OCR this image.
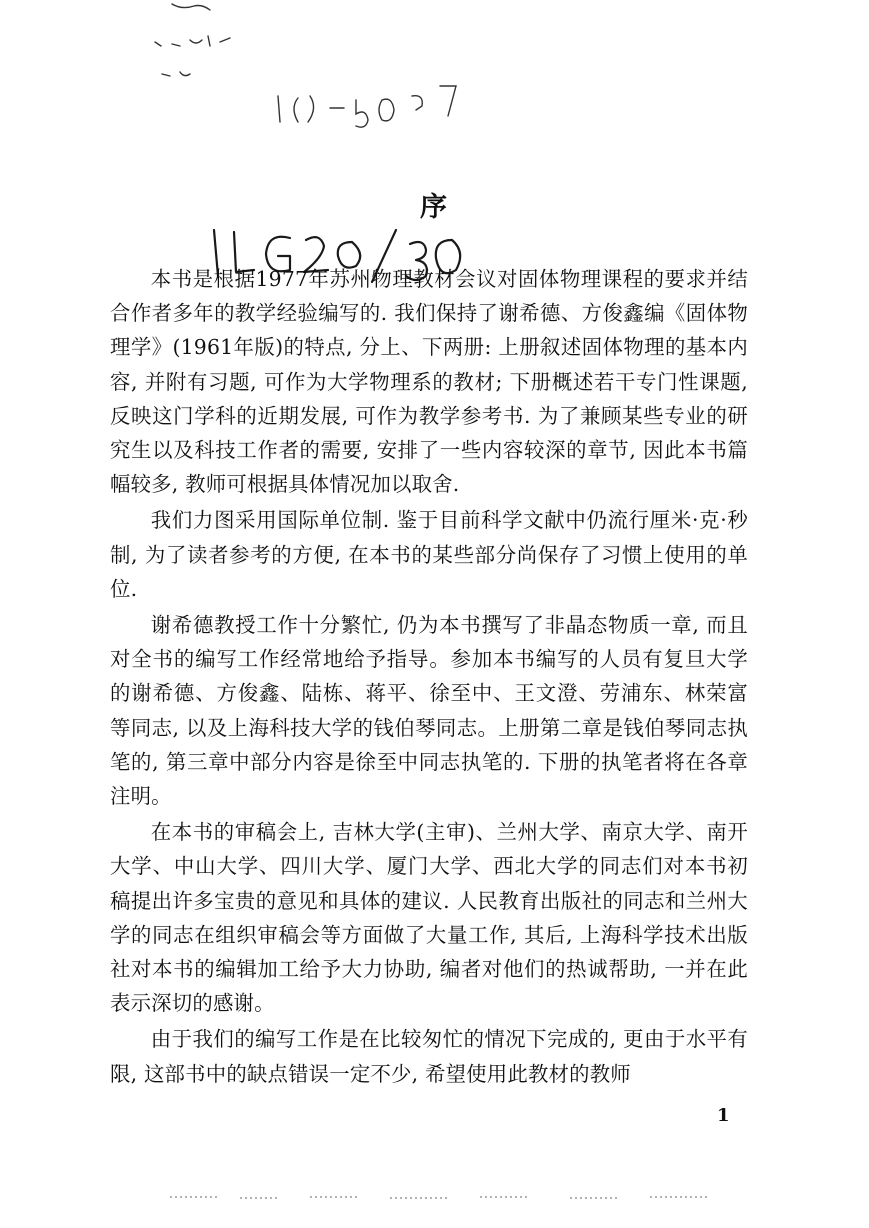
序

本书是根据1977年苏州物理教材会议对固体物理课程的要求并结合作者多年的教学经验编写的. 我们保持了谢希德、方俊鑫编《固体物理学》(1961年版)的特点, 分上、下两册: 上册叙述固体物理的基本内容, 并附有习题, 可作为大学物理系的教材; 下册概述若干专门性课题, 反映这门学科的近期发展, 可作为教学参考书. 为了兼顾某些专业的研究生以及科技工作者的需要, 安排了一些内容较深的章节, 因此本书篇幅较多, 教师可根据具体情况加以取舍.

我们力图采用国际单位制. 鉴于目前科学文献中仍流行厘米·克·秒制, 为了读者参考的方便, 在本书的某些部分尚保存了习惯上使用的单位.

谢希德教授工作十分繁忙, 仍为本书撰写了非晶态物质一章, 而且对全书的编写工作经常地给予指导。参加本书编写的人员有复旦大学的谢希德、方俊鑫、陆栋、蒋平、徐至中、王文澄、劳浦东、林荣富等同志, 以及上海科技大学的钱伯琴同志。上册第二章是钱伯琴同志执笔的, 第三章中部分内容是徐至中同志执笔的. 下册的执笔者将在各章注明。

在本书的审稿会上, 吉林大学(主审)、兰州大学、南京大学、南开大学、中山大学、四川大学、厦门大学、西北大学的同志们对本书初稿提出许多宝贵的意见和具体的建议. 人民教育出版社的同志和兰州大学的同志在组织审稿会等方面做了大量工作, 其后, 上海科学技术出版社对本书的编辑加工给予大力协助, 编者对他们的热诚帮助, 一并在此表示深切的感谢。

由于我们的编写工作是在比较匆忙的情况下完成的, 更由于水平有限, 这部书中的缺点错误一定不少, 希望使用此教材的教师

1
